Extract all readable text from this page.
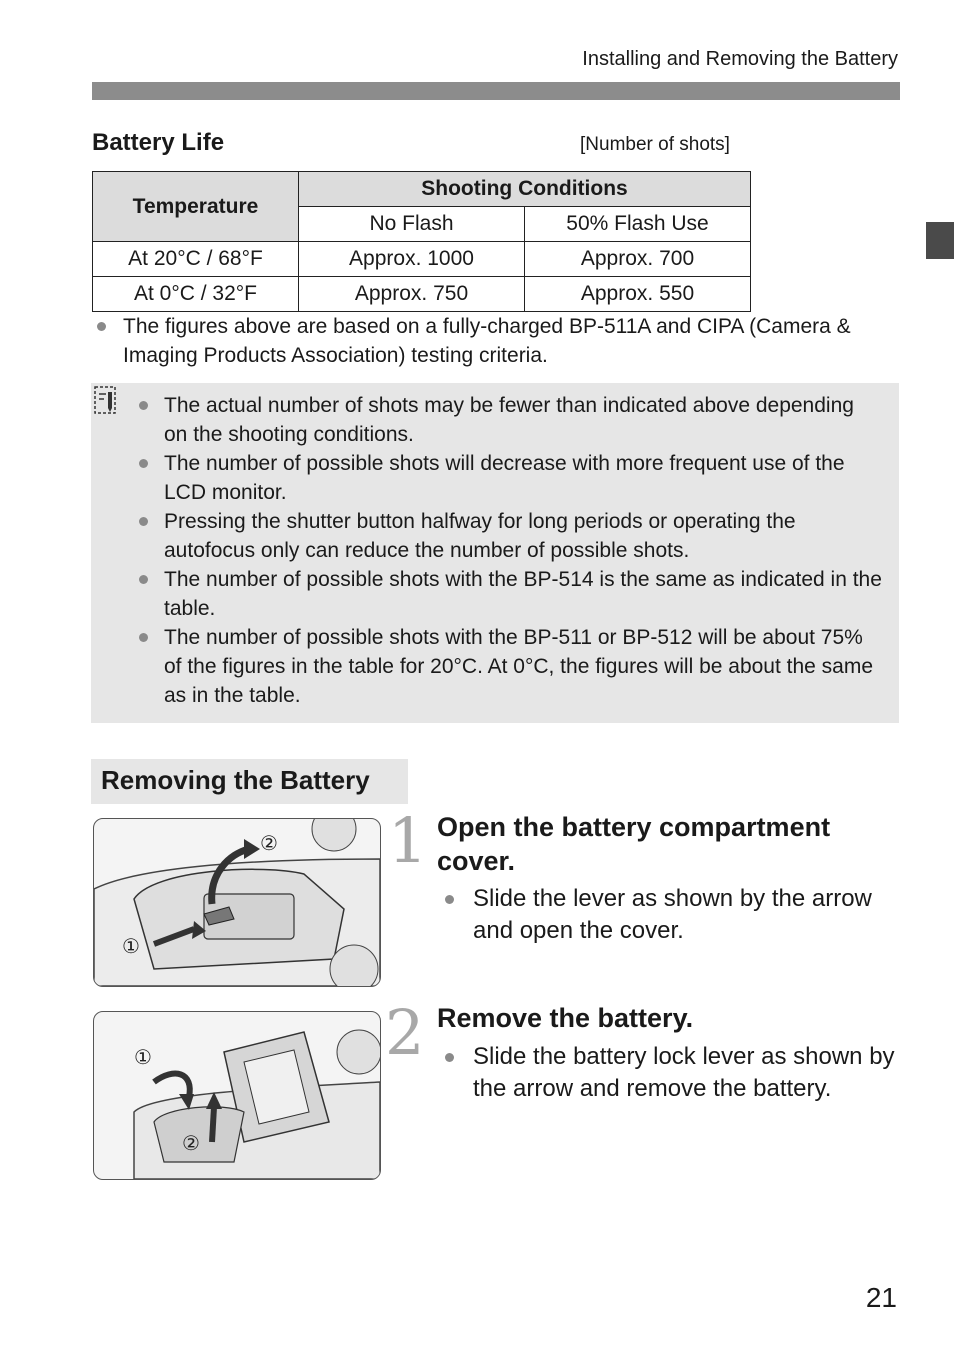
Installing and Removing the Battery
Battery Life	[Number of shots]
Temperature	Shooting Conditions	
	No Flash	50% Flash Use
At 20°C / 68°F	Approx. 1000	Approx. 700
At 0°C / 32°F	Approx. 750	Approx. 550
The figures above are based on a fully-charged BP-511A and CIPA (Camera & Imaging Products Association) testing criteria.
The actual number of shots may be fewer than indicated above depending on the shooting conditions.
The number of possible shots will decrease with more frequent use of the LCD monitor.
Pressing the shutter button halfway for long periods or operating the autofocus only can reduce the number of possible shots.
The number of possible shots with the BP-514 is the same as indicated in the table.
The number of possible shots with the BP-511 or BP-512 will be about 75% of the figures in the table for 20°C. At 0°C, the figures will be about the same as in the table.
Removing the Battery
①
② 1 Open the battery compartment cover.
Slide the lever as shown by the arrow and open the cover.
①
②
2 Remove the battery.
Slide the battery lock lever as shown by the arrow and remove the battery.
21
